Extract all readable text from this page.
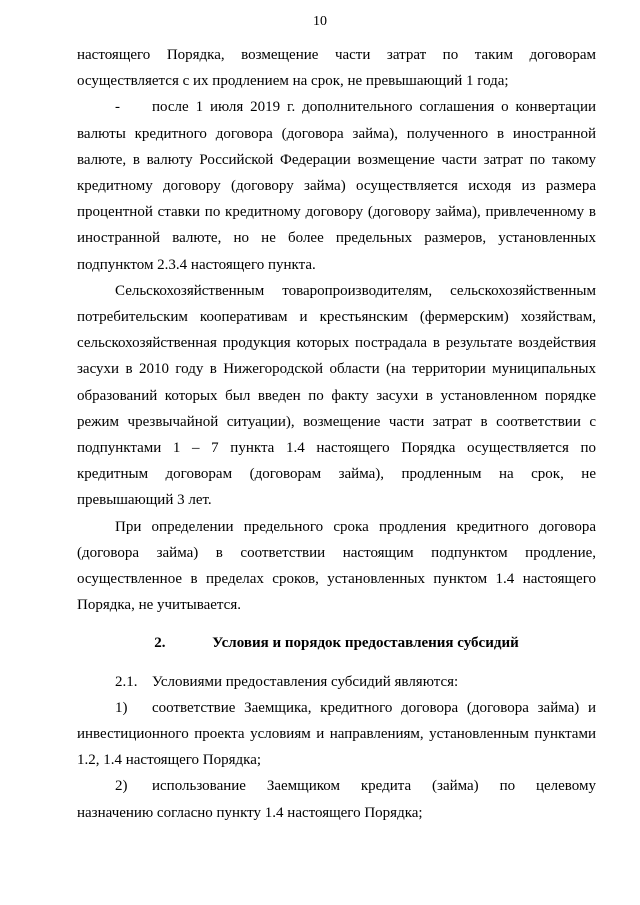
10
настоящего Порядка, возмещение части затрат по таким договорам
осуществляется с их продлением на срок, не превышающий 1 года;
-	после 1 июля 2019 г. дополнительного соглашения о конвертации
валюты кредитного договора (договора займа), полученного в иностранной
валюте, в валюту Российской Федерации возмещение части затрат по такому
кредитному договору (договору займа) осуществляется исходя из размера
процентной ставки по кредитному договору (договору займа), привлеченному в
иностранной валюте, но не более предельных размеров, установленных
подпунктом 2.3.4 настоящего пункта.
Сельскохозяйственным товаропроизводителям, сельскохозяйственным
потребительским кооперативам и крестьянским (фермерским) хозяйствам,
сельскохозяйственная продукция которых пострадала в результате воздействия
засухи в 2010 году в Нижегородской области (на территории муниципальных
образований которых был введен по факту засухи в установленном порядке
режим чрезвычайной ситуации), возмещение части затрат в соответствии с
подпунктами 1 – 7 пункта 1.4 настоящего Порядка осуществляется по
кредитным договорам (договорам займа), продленным на срок, не
превышающий 3 лет.
При определении предельного срока продления кредитного договора
(договора займа) в соответствии настоящим подпунктом продление,
осуществленное в пределах сроков, установленных пунктом 1.4 настоящего
Порядка, не учитывается.
2.	Условия и порядок предоставления субсидий
2.1. Условиями предоставления субсидий являются:
1)	соответствие Заемщика, кредитного договора (договора займа) и
инвестиционного проекта условиям и направлениям, установленным пунктами
1.2, 1.4 настоящего Порядка;
2)	использование Заемщиком кредита (займа) по целевому
назначению согласно пункту 1.4 настоящего Порядка;
